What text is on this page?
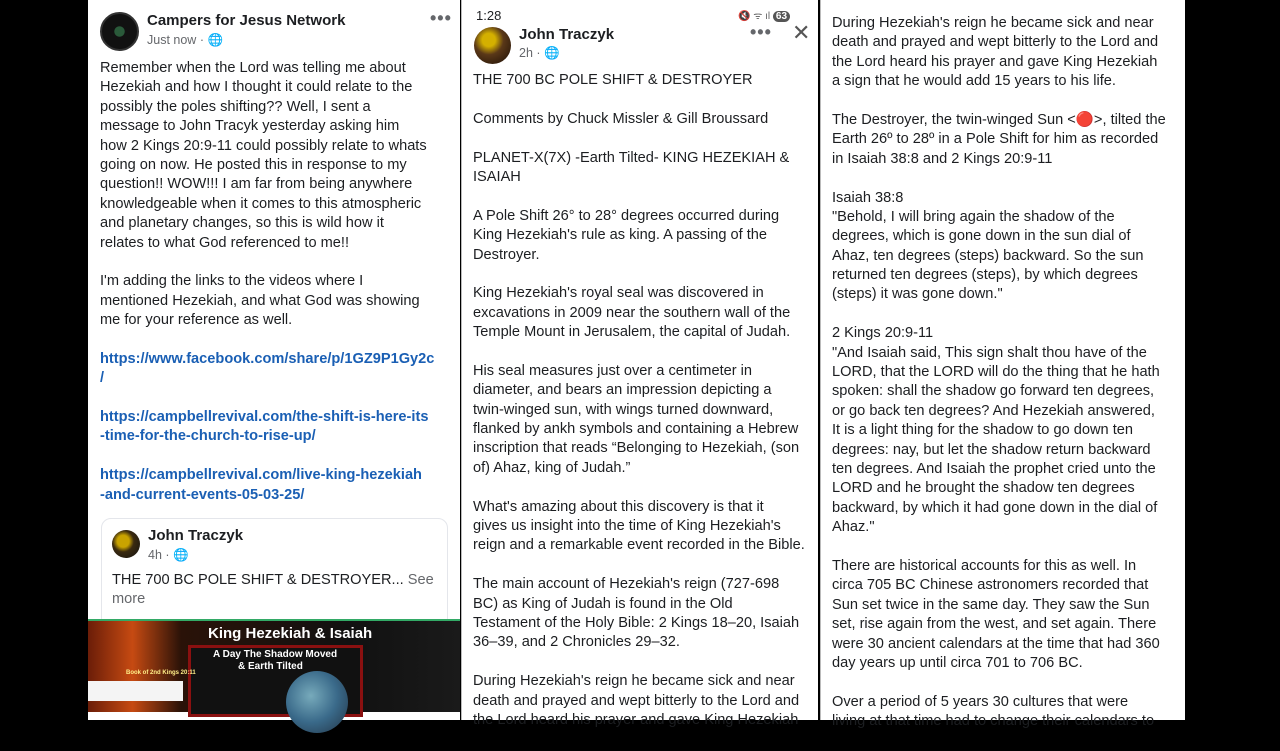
Campers for Jesus Network
Just now · 🌐
•••
Remember when the Lord was telling me about
Hezekiah and how I thought it could relate to the
possibly the poles shifting?? Well, I sent a
message to John Tracyk yesterday asking him
how 2 Kings 20:9-11 could possibly relate to whats
going on now. He posted this in response to my
question!! WOW!!! I am far from being anywhere
knowledgeable when it comes to this atmospheric
and planetary changes, so this is wild how it
relates to what God referenced to me!!
I'm adding the links to the videos where I
mentioned Hezekiah, and what God was showing
me for your reference as well.
https://www.facebook.com/share/p/1GZ9P1Gy2c
/
https://campbellrevival.com/the-shift-is-here-its
-time-for-the-church-to-rise-up/
https://campbellrevival.com/live-king-hezekiah
-and-current-events-05-03-25/
John Traczyk
4h · 🌐
THE 700 BC POLE SHIFT & DESTROYER... See
more
King Hezekiah & Isaiah
A Day The Shadow Moved
& Earth Tilted
Book of 2nd Kings 20:11
1:28	🔇 ᯤ ıl 63
John Traczyk
2h · 🌐
••• ✕
THE 700 BC POLE SHIFT & DESTROYER
Comments by Chuck Missler & Gill Broussard
PLANET-X(7X) -Earth Tilted- KING HEZEKIAH &
ISAIAH
A Pole Shift 26° to 28° degrees occurred during
King Hezekiah's rule as king. A passing of the
Destroyer.
King Hezekiah's royal seal was discovered in
excavations in 2009 near the southern wall of the
Temple Mount in Jerusalem, the capital of Judah.
His seal measures just over a centimeter in
diameter, and bears an impression depicting a
twin-winged sun, with wings turned downward,
flanked by ankh symbols and containing a Hebrew
inscription that reads “Belonging to Hezekiah, (son
of) Ahaz, king of Judah.”
What's amazing about this discovery is that it
gives us insight into the time of King Hezekiah's
reign and a remarkable event recorded in the Bible.
The main account of Hezekiah's reign (727-698
BC) as King of Judah is found in the Old
Testament of the Holy Bible: 2 Kings 18–20, Isaiah
36–39, and 2 Chronicles 29–32.
During Hezekiah's reign he became sick and near
death and prayed and wept bitterly to the Lord and
the Lord heard his prayer and gave King Hezekiah
During Hezekiah's reign he became sick and near
death and prayed and wept bitterly to the Lord and
the Lord heard his prayer and gave King Hezekiah
a sign that he would add 15 years to his life.
The Destroyer, the twin-winged Sun <🔴>, tilted the
Earth 26º to 28º in a Pole Shift for him as recorded
in Isaiah 38:8 and 2 Kings 20:9-11
Isaiah 38:8
"Behold, I will bring again the shadow of the
degrees, which is gone down in the sun dial of
Ahaz, ten degrees (steps) backward. So the sun
returned ten degrees (steps), by which degrees
(steps) it was gone down."
2 Kings 20:9-11
"And Isaiah said, This sign shalt thou have of the
LORD, that the LORD will do the thing that he hath
spoken: shall the shadow go forward ten degrees,
or go back ten degrees? And Hezekiah answered,
It is a light thing for the shadow to go down ten
degrees: nay, but let the shadow return backward
ten degrees. And Isaiah the prophet cried unto the
LORD and he brought the shadow ten degrees
backward, by which it had gone down in the dial of
Ahaz."
There are historical accounts for this as well. In
circa 705 BC Chinese astronomers recorded that
Sun set twice in the same day. They saw the Sun
set, rise again from the west, and set again. There
were 30 ancient calendars at the time that had 360
day years up until circa 701 to 706 BC.
Over a period of 5 years 30 cultures that were
living at that time had to change their calendars to
